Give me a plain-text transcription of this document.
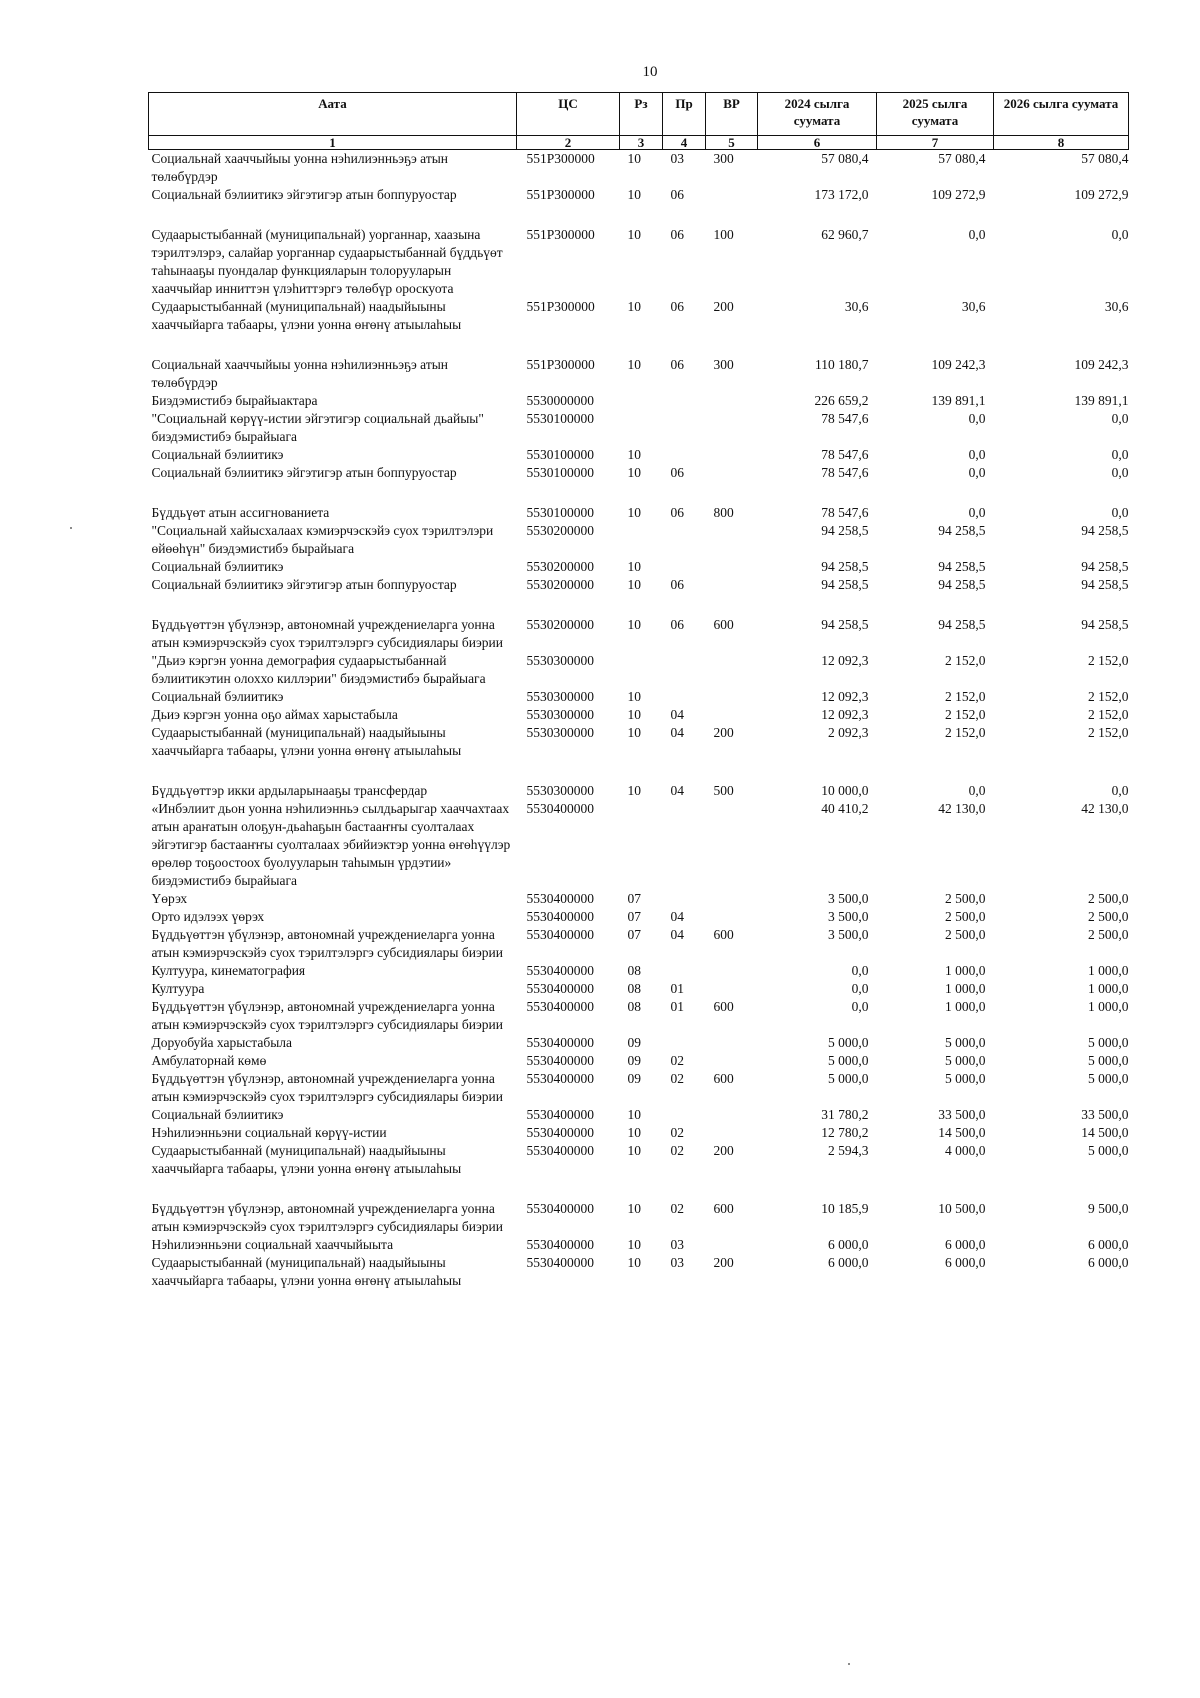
10
Аата	ЦС	Рз	Пр	ВР	2024 сылга суумата	2025 сылга суумата	2026 сылга суумата
1	2	3	4	5	6	7	8
Социальнай хааччыйыы уонна нэһилиэнньэҕэ атын төлөбүрдэр	551Р300000	10	03	300	57 080,4	57 080,4	57 080,4
Социальнай бэлиитикэ эйгэтигэр атын боппуруостар	551Р300000	10	06		173 172,0	109 272,9	109 272,9
Судаарыстыбаннай (муниципальнай) уорганнар, хаазына тэрилтэлэрэ, салайар уорганнар судаарыстыбаннай бүддьүөт таһынааҕы пуондалар функцияларын толорууларын хааччыйар инниттэн үлэһиттэргэ төлөбүр ороскуота	551Р300000	10	06	100	62 960,7	0,0	0,0
Судаарыстыбаннай (муниципальнай) наадыйыыны хааччыйарга табаары, үлэни уонна өҥөнү атыылаһыы	551Р300000	10	06	200	30,6	30,6	30,6
Социальнай хааччыйыы уонна нэһилиэнньэҕэ атын төлөбүрдэр	551Р300000	10	06	300	110 180,7	109 242,3	109 242,3
Биэдэмистибэ бырайыактара	5530000000				226 659,2	139 891,1	139 891,1
"Социальнай көрүү-истии эйгэтигэр социальнай дьайыы" биэдэмистибэ бырайыага	5530100000				78 547,6	0,0	0,0
Социальнай бэлиитикэ	5530100000	10			78 547,6	0,0	0,0
Социальнай бэлиитикэ эйгэтигэр атын боппуруостар	5530100000	10	06		78 547,6	0,0	0,0
Бүддьүөт атын ассигнованиета	5530100000	10	06	800	78 547,6	0,0	0,0
"Социальнай хайысхалаах кэмиэрчэскэйэ суох тэрилтэлэри өйөөһүн" биэдэмистибэ бырайыага	5530200000				94 258,5	94 258,5	94 258,5
Социальнай бэлиитикэ	5530200000	10			94 258,5	94 258,5	94 258,5
Социальнай бэлиитикэ эйгэтигэр атын боппуруостар	5530200000	10	06		94 258,5	94 258,5	94 258,5
Бүддьүөттэн үбүлэнэр, автономнай учреждениеларга уонна атын кэмиэрчэскэйэ суох тэрилтэлэргэ субсидиялары биэрии	5530200000	10	06	600	94 258,5	94 258,5	94 258,5
"Дьиэ кэргэн уонна демография судаарыстыбаннай бэлиитикэтин олоххо киллэрии" биэдэмистибэ бырайыага	5530300000				12 092,3	2 152,0	2 152,0
Социальнай бэлиитикэ	5530300000	10			12 092,3	2 152,0	2 152,0
Дьиэ кэргэн уонна оҕо аймах харыстабыла	5530300000	10	04		12 092,3	2 152,0	2 152,0
Судаарыстыбаннай (муниципальнай) наадыйыыны хааччыйарга табаары, үлэни уонна өҥөнү атыылаһыы	5530300000	10	04	200	2 092,3	2 152,0	2 152,0
Бүддьүөттэр икки ардыларынааҕы трансфердар	5530300000	10	04	500	10 000,0	0,0	0,0
«Инбэлиит дьон уонна нэһилиэнньэ сылдьарыгар хааччахтаах атын араҥатын олоҕун-дьаһаҕын бастааҥҥы суолталаах эйгэтигэр бастааҥҥы суолталаах эбийиэктэр уонна өҥөһүүлэр өрөлөр тоҕоостоох буолууларын таһымын үрдэтии» биэдэмистибэ бырайыага	5530400000				40 410,2	42 130,0	42 130,0
Үөрэх	5530400000	07			3 500,0	2 500,0	2 500,0
Орто идэлээх үөрэх	5530400000	07	04		3 500,0	2 500,0	2 500,0
Бүддьүөттэн үбүлэнэр, автономнай учреждениеларга уонна атын кэмиэрчэскэйэ суох тэрилтэлэргэ субсидиялары биэрии	5530400000	07	04	600	3 500,0	2 500,0	2 500,0
Култуура, кинематография	5530400000	08			0,0	1 000,0	1 000,0
Култуура	5530400000	08	01		0,0	1 000,0	1 000,0
Бүддьүөттэн үбүлэнэр, автономнай учреждениеларга уонна атын кэмиэрчэскэйэ суох тэрилтэлэргэ субсидиялары биэрии	5530400000	08	01	600	0,0	1 000,0	1 000,0
Доруобуйа харыстабыла	5530400000	09			5 000,0	5 000,0	5 000,0
Амбулаторнай көмө	5530400000	09	02		5 000,0	5 000,0	5 000,0
Бүддьүөттэн үбүлэнэр, автономнай учреждениеларга уонна атын кэмиэрчэскэйэ суох тэрилтэлэргэ субсидиялары биэрии	5530400000	09	02	600	5 000,0	5 000,0	5 000,0
Социальнай бэлиитикэ	5530400000	10			31 780,2	33 500,0	33 500,0
Нэһилиэнньэни социальнай көрүү-истии	5530400000	10	02		12 780,2	14 500,0	14 500,0
Судаарыстыбаннай (муниципальнай) наадыйыыны хааччыйарга табаары, үлэни уонна өҥөнү атыылаһыы	5530400000	10	02	200	2 594,3	4 000,0	5 000,0
Бүддьүөттэн үбүлэнэр, автономнай учреждениеларга уонна атын кэмиэрчэскэйэ суох тэрилтэлэргэ субсидиялары биэрии	5530400000	10	02	600	10 185,9	10 500,0	9 500,0
Нэһилиэнньэни социальнай хааччыйыыта	5530400000	10	03		6 000,0	6 000,0	6 000,0
Судаарыстыбаннай (муниципальнай) наадыйыыны хааччыйарга табаары, үлэни уонна өҥөнү атыылаһыы	5530400000	10	03	200	6 000,0	6 000,0	6 000,0
